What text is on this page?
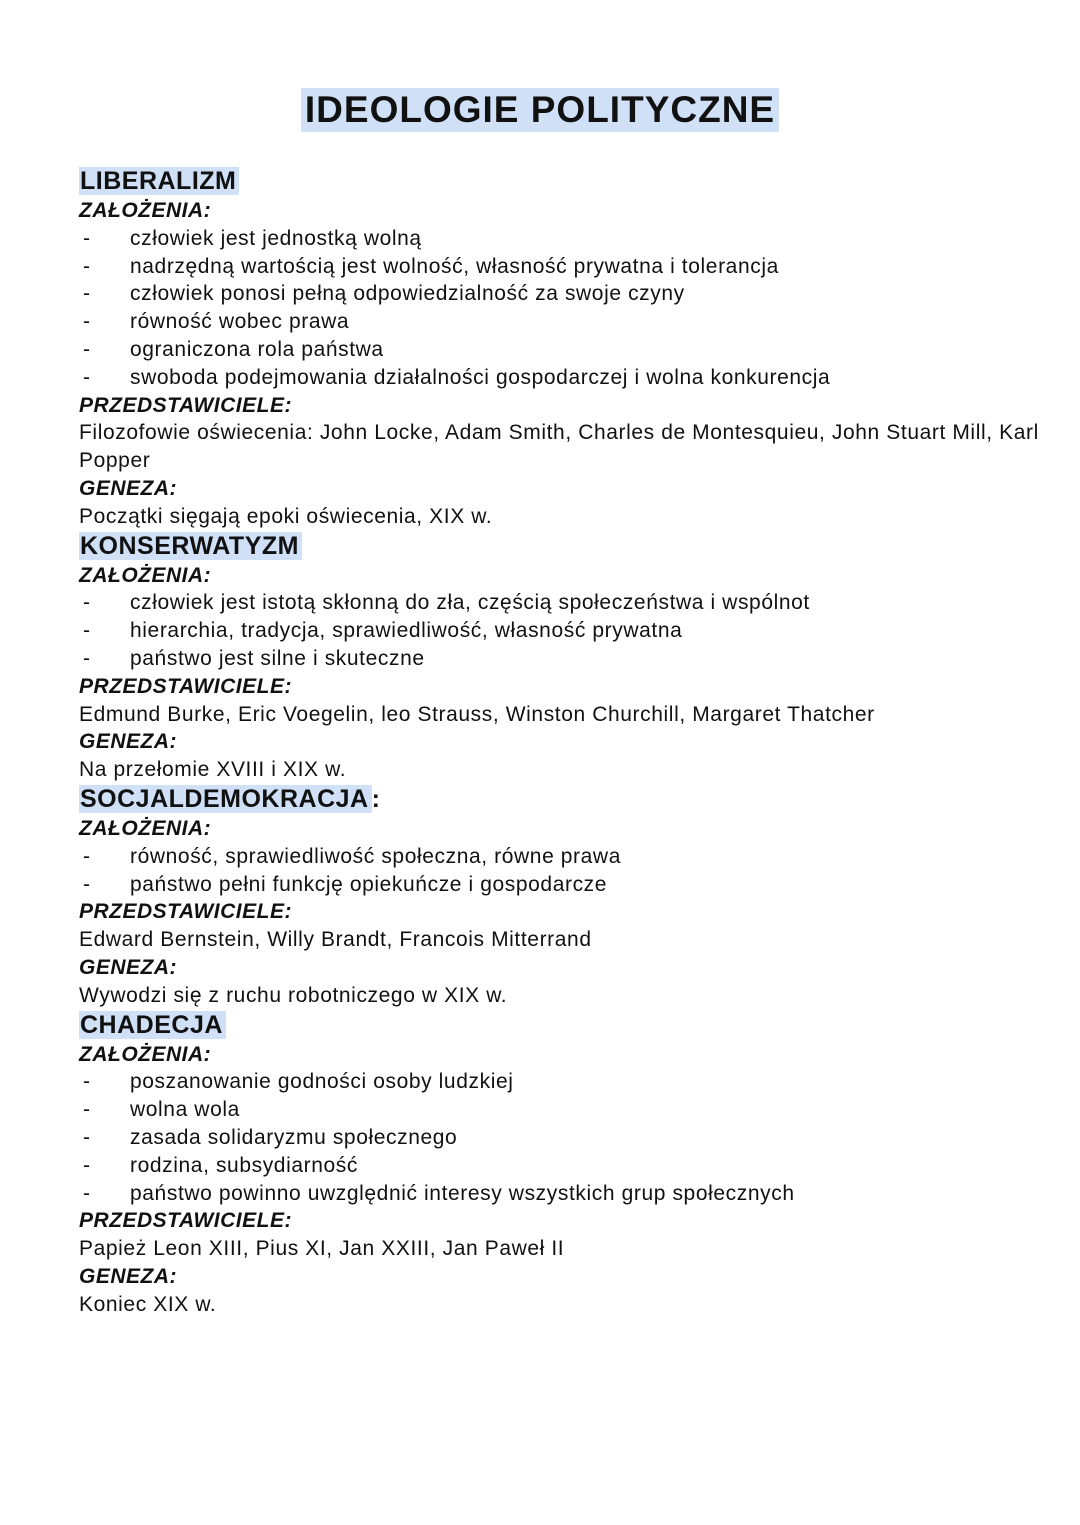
IDEOLOGIE POLITYCZNE
LIBERALIZM
ZAŁOŻENIA:
- człowiek jest jednostką wolną
- nadrzędną wartością jest wolność, własność prywatna i tolerancja
- człowiek ponosi pełną odpowiedzialność za swoje czyny
- równość wobec prawa
- ograniczona rola państwa
- swoboda podejmowania działalności gospodarczej i wolna konkurencja
PRZEDSTAWICIELE:
Filozofowie oświecenia: John Locke, Adam Smith, Charles de Montesquieu, John Stuart Mill, Karl Popper
GENEZA:
Początki sięgają epoki oświecenia, XIX w.
KONSERWATYZM
ZAŁOŻENIA:
- człowiek jest istotą skłonną do zła, częścią społeczeństwa i wspólnot
- hierarchia, tradycja, sprawiedliwość, własność prywatna
- państwo jest silne i skuteczne
PRZEDSTAWICIELE:
Edmund Burke, Eric Voegelin, leo Strauss, Winston Churchill, Margaret Thatcher
GENEZA:
Na przełomie XVIII i XIX w.
SOCJALDEMOKRACJA :
ZAŁOŻENIA:
- równość, sprawiedliwość społeczna, równe prawa
- państwo pełni funkcję opiekuńcze i gospodarcze
PRZEDSTAWICIELE:
Edward Bernstein, Willy Brandt, Francois Mitterrand
GENEZA:
Wywodzi się z ruchu robotniczego w XIX w.
CHADECJA
ZAŁOŻENIA:
- poszanowanie godności osoby ludzkiej
- wolna wola
- zasada solidaryzmu społecznego
- rodzina, subsydiarność
- państwo powinno uwzględnić interesy wszystkich grup społecznych
PRZEDSTAWICIELE:
Papież Leon XIII, Pius XI, Jan XXIII, Jan Paweł II
GENEZA:
Koniec XIX w.
